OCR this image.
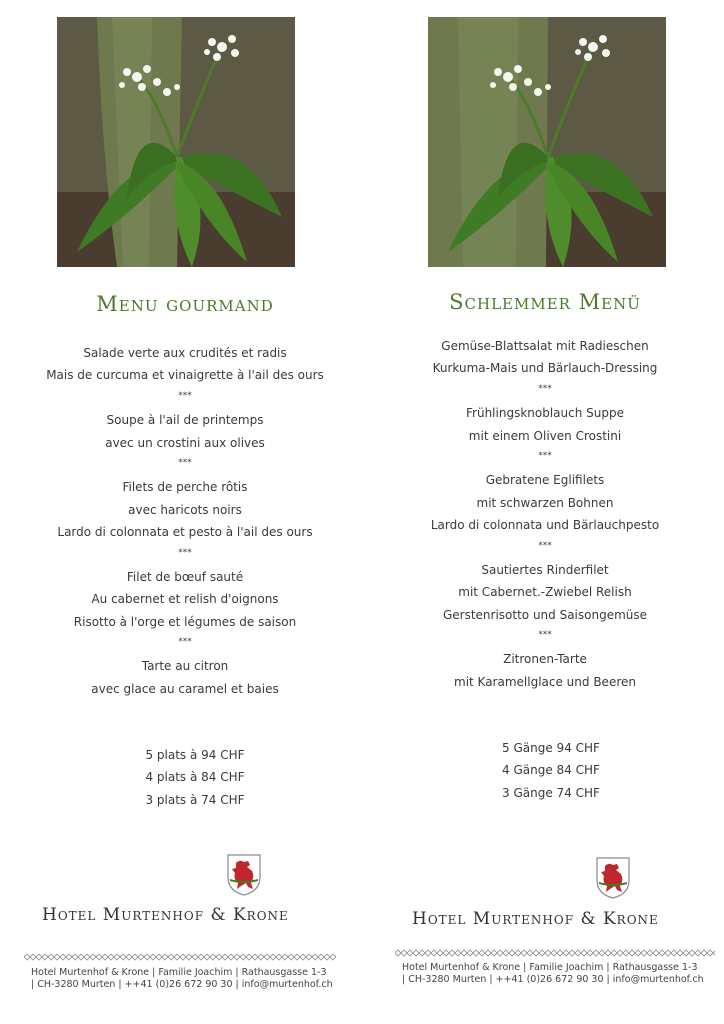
Menu gourmand
Salade verte aux crudités et radis
Mais de curcuma et vinaigrette à l'ail des ours
***
Soupe à l'ail de printemps
avec un crostini aux olives
***
Filets de perche rôtis
avec haricots noirs
Lardo di colonnata et pesto à l'ail des ours
***
Filet de bœuf sauté
Au cabernet et relish d'oignons
Risotto à l'orge et légumes de saison
***
Tarte au citron
avec glace au caramel et baies
5 plats à 94 CHF
4 plats à 84 CHF
3 plats à 74 CHF
Hotel Murtenhof & Krone
Hotel Murtenhof & Krone | Familie Joachim | Rathausgasse 1-3
| CH-3280 Murten | ++41 (0)26 672 90 30 | info@murtenhof.ch
Schlemmer Menü
Gemüse-Blattsalat mit Radieschen
Kurkuma-Mais und Bärlauch-Dressing
***
Frühlingsknoblauch Suppe
mit einem Oliven Crostini
***
Gebratene Eglifilets
mit schwarzen Bohnen
Lardo di colonnata und Bärlauchpesto
***
Sautiertes Rinderfilet
mit Cabernet.-Zwiebel Relish
Gerstenrisotto und Saisongemüse
***
Zitronen-Tarte
mit Karamellglace und Beeren
5 Gänge 94 CHF
4 Gänge 84 CHF
3 Gänge 74 CHF
Hotel Murtenhof & Krone
Hotel Murtenhof & Krone | Familie Joachim | Rathausgasse 1-3
| CH-3280 Murten | ++41 (0)26 672 90 30 | info@murtenhof.ch
